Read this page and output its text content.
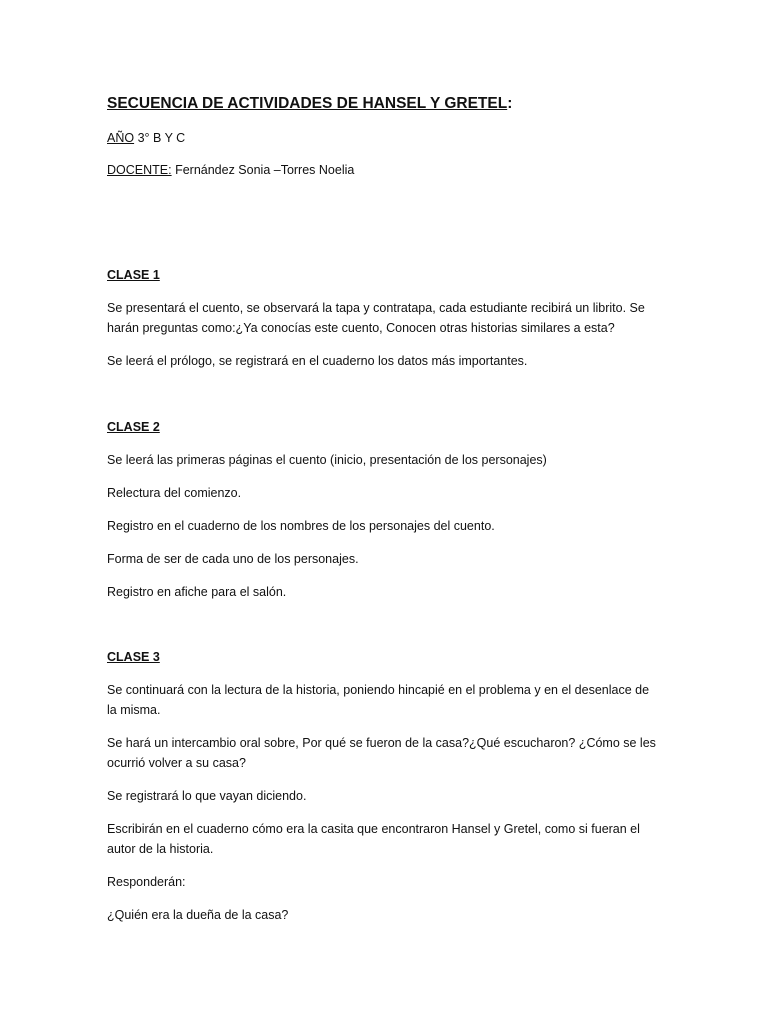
SECUENCIA DE ACTIVIDADES DE HANSEL Y GRETEL:
AÑO 3° B Y C
DOCENTE: Fernández Sonia –Torres Noelia
CLASE 1
Se presentará el cuento, se observará la tapa y contratapa, cada estudiante recibirá un librito. Se harán preguntas como:¿Ya conocías este cuento, Conocen otras historias similares a esta?
Se leerá el prólogo, se registrará en el cuaderno los datos más importantes.
CLASE 2
Se leerá las primeras páginas el cuento (inicio, presentación de los personajes)
Relectura del comienzo.
Registro en el cuaderno de los nombres de los personajes del cuento.
Forma de ser de cada uno de los personajes.
Registro en afiche para el salón.
CLASE 3
Se continuará con la lectura de la historia, poniendo hincapié en el problema y en el desenlace de la misma.
Se hará un intercambio oral sobre, Por qué se fueron de la casa?¿Qué escucharon? ¿Cómo se les ocurrió volver a su casa?
Se registrará lo que vayan diciendo.
Escribirán en el cuaderno cómo era la casita que encontraron Hansel y Gretel, como si fueran el autor de la historia.
Responderán:
¿Quién era la dueña de la casa?
